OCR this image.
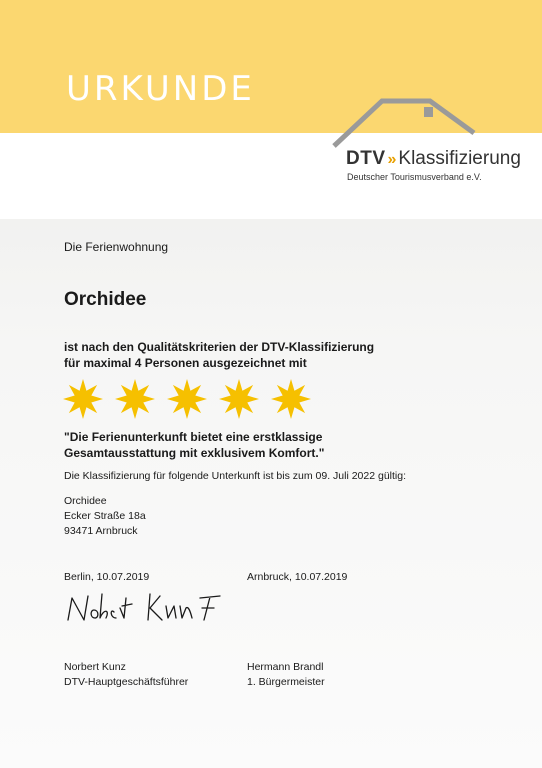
URKUNDE
DTV » Klassifizierung
Deutscher Tourismusverband e.V.
Die Ferienwohnung
Orchidee
ist nach den Qualitätskriterien der DTV-Klassifizierung
für maximal 4 Personen ausgezeichnet mit
"Die Ferienunterkunft bietet eine erstklassige
Gesamtausstattung mit exklusivem Komfort."
Die Klassifizierung für folgende Unterkunft ist bis zum 09. Juli 2022 gültig:
Orchidee
Ecker Straße 18a
93471 Arnbruck
Berlin, 10.07.2019	Arnbruck, 10.07.2019
Norbert Kunz
DTV-Hauptgeschäftsführer
Hermann Brandl
1. Bürgermeister
